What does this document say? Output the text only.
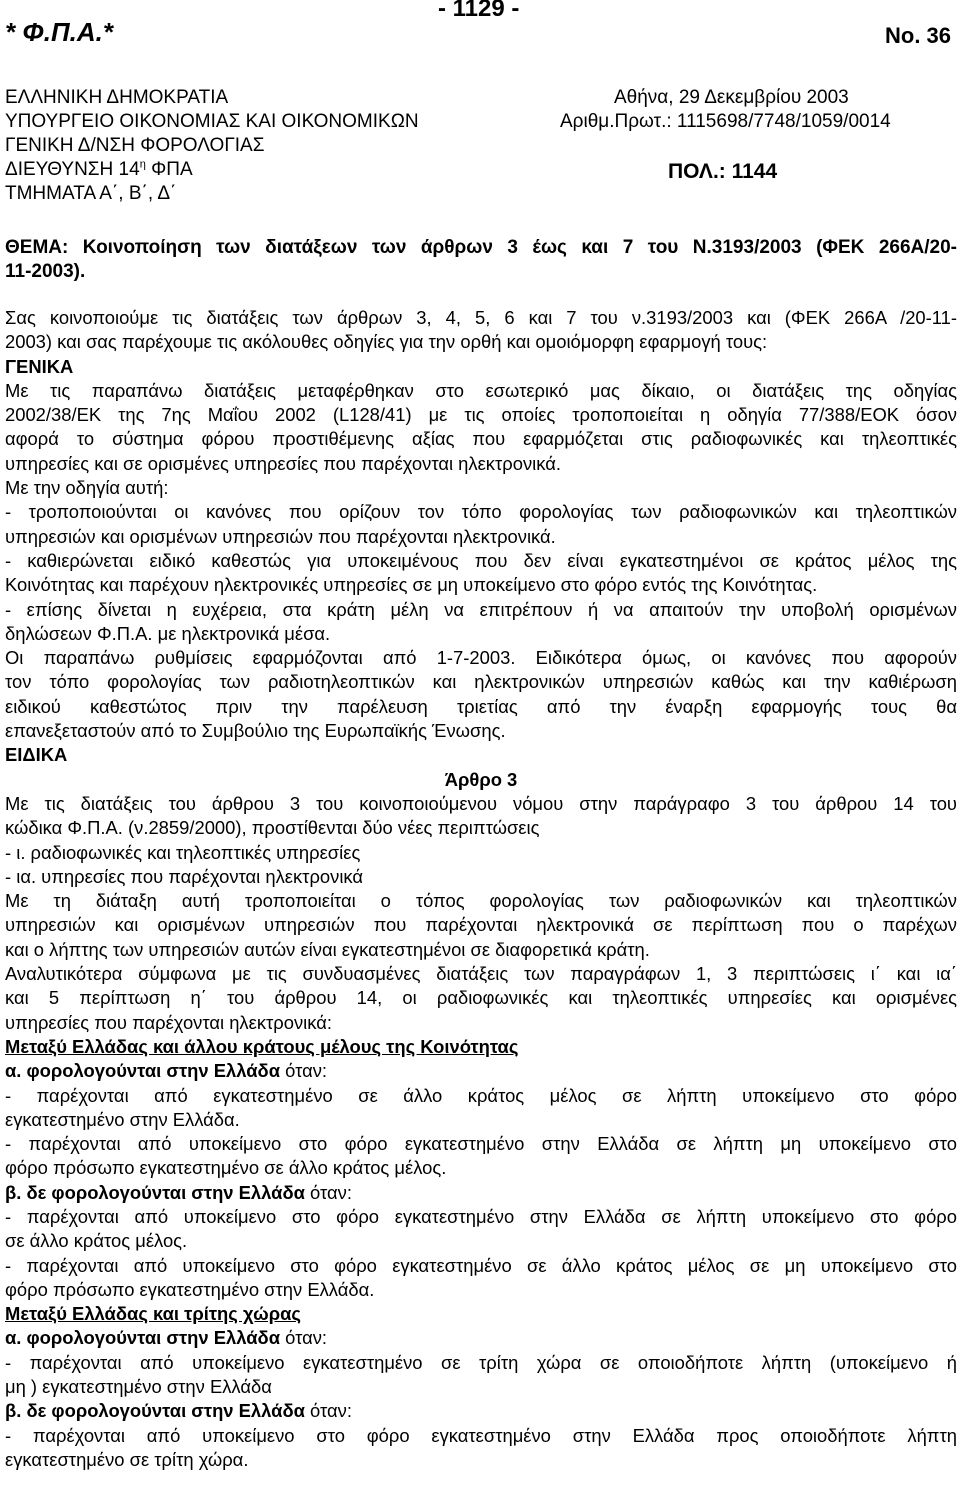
- 1129 -
* Φ.Π.Α.*	No. 36
ΕΛΛΗΝΙΚΗ ΔΗΜΟΚΡΑΤΙΑ
ΥΠΟΥΡΓΕΙΟ ΟΙΚΟΝΟΜΙΑΣ ΚΑΙ ΟΙΚΟΝΟΜΙΚΩΝ
ΓΕΝΙΚΗ Δ/ΝΣΗ ΦΟΡΟΛΟΓΙΑΣ
ΔΙΕΥΘΥΝΣΗ $14^\eta$ ΦΠΑ
ΤΜΗΜΑΤΑ Α΄, Β΄, Δ΄
Αθήνα, 29 Δεκεμβρίου 2003
Αριθμ.Πρωτ.: 1115698/7748/1059/0014
ΠΟΛ.: 1144
ΘΕΜΑ: Κοινοποίηση των διατάξεων των άρθρων 3 έως και 7 του Ν.3193/2003 (ΦΕΚ 266Α/20-
11-2003).
Σας κοινοποιούμε τις διατάξεις των άρθρων 3, 4, 5, 6 και 7 του ν.3193/2003 και (ΦΕΚ 266Α /20-11-
2003) και σας παρέχουμε τις ακόλουθες οδηγίες για την ορθή και ομοιόμορφη εφαρμογή τους:
ΓΕΝΙΚΑ
Με τις παραπάνω διατάξεις μεταφέρθηκαν στο εσωτερικό μας δίκαιο, οι διατάξεις της οδηγίας
2002/38/ΕΚ της 7ης Μαΐου 2002 (L128/41) με τις οποίες τροποποιείται η οδηγία 77/388/ΕΟΚ όσον
αφορά το σύστημα φόρου προστιθέμενης αξίας που εφαρμόζεται στις ραδιοφωνικές και τηλεοπτικές
υπηρεσίες και σε ορισμένες υπηρεσίες που παρέχονται ηλεκτρονικά.
Με την οδηγία αυτή:
- τροποποιούνται οι κανόνες που ορίζουν τον τόπο φορολογίας των ραδιοφωνικών και τηλεοπτικών
υπηρεσιών και ορισμένων υπηρεσιών που παρέχονται ηλεκτρονικά.
- καθιερώνεται ειδικό καθεστώς για υποκειμένους που δεν είναι εγκατεστημένοι σε κράτος μέλος της
Κοινότητας και παρέχουν ηλεκτρονικές υπηρεσίες σε μη υποκείμενο στο φόρο εντός της Κοινότητας.
- επίσης δίνεται η ευχέρεια, στα κράτη μέλη να επιτρέπουν ή να απαιτούν την υποβολή ορισμένων
δηλώσεων Φ.Π.Α. με ηλεκτρονικά μέσα.
Οι παραπάνω ρυθμίσεις εφαρμόζονται από 1-7-2003. Ειδικότερα όμως, οι κανόνες που αφορούν
τον τόπο φορολογίας των ραδιοτηλεοπτικών και ηλεκτρονικών υπηρεσιών καθώς και την καθιέρωση
ειδικού καθεστώτος πριν την παρέλευση τριετίας από την έναρξη εφαρμογής τους θα
επανεξεταστούν από το Συμβούλιο της Ευρωπαϊκής Ένωσης.
ΕΙΔΙΚΑ
Άρθρο 3
Με τις διατάξεις του άρθρου 3 του κοινοποιούμενου νόμου στην παράγραφο 3 του άρθρου 14 του
κώδικα Φ.Π.Α. (ν.2859/2000), προστίθενται δύο νέες περιπτώσεις
- ι. ραδιοφωνικές και τηλεοπτικές υπηρεσίες
- ια. υπηρεσίες που παρέχονται ηλεκτρονικά
Με τη διάταξη αυτή τροποποιείται ο τόπος φορολογίας των ραδιοφωνικών και τηλεοπτικών
υπηρεσιών και ορισμένων υπηρεσιών που παρέχονται ηλεκτρονικά σε περίπτωση που ο παρέχων
και ο λήπτης των υπηρεσιών αυτών είναι εγκατεστημένοι σε διαφορετικά κράτη.
Αναλυτικότερα σύμφωνα με τις συνδυασμένες διατάξεις των παραγράφων 1, 3 περιπτώσεις ι΄ και ια΄
και 5 περίπτωση η΄ του άρθρου 14, οι ραδιοφωνικές και τηλεοπτικές υπηρεσίες και ορισμένες
υπηρεσίες που παρέχονται ηλεκτρονικά:
Μεταξύ Ελλάδας και άλλου κράτους μέλους της Κοινότητας
α. φορολογούνται στην Ελλάδα όταν:
- παρέχονται από εγκατεστημένο σε άλλο κράτος μέλος σε λήπτη υποκείμενο στο φόρο
εγκατεστημένο στην Ελλάδα.
- παρέχονται από υποκείμενο στο φόρο εγκατεστημένο στην Ελλάδα σε λήπτη μη υποκείμενο στο
φόρο πρόσωπο εγκατεστημένο σε άλλο κράτος μέλος.
β. δε φορολογούνται στην Ελλάδα όταν:
- παρέχονται από υποκείμενο στο φόρο εγκατεστημένο στην Ελλάδα σε λήπτη υποκείμενο στο φόρο
σε άλλο κράτος μέλος.
- παρέχονται από υποκείμενο στο φόρο εγκατεστημένο σε άλλο κράτος μέλος σε μη υποκείμενο στο
φόρο πρόσωπο εγκατεστημένο στην Ελλάδα.
Μεταξύ Ελλάδας και τρίτης χώρας
α. φορολογούνται στην Ελλάδα όταν:
- παρέχονται από υποκείμενο εγκατεστημένο σε τρίτη χώρα σε οποιοδήποτε λήπτη (υποκείμενο ή
μη ) εγκατεστημένο στην Ελλάδα
β. δε φορολογούνται στην Ελλάδα όταν:
- παρέχονται από υποκείμενο στο φόρο εγκατεστημένο στην Ελλάδα προς οποιοδήποτε λήπτη
εγκατεστημένο σε τρίτη χώρα.
